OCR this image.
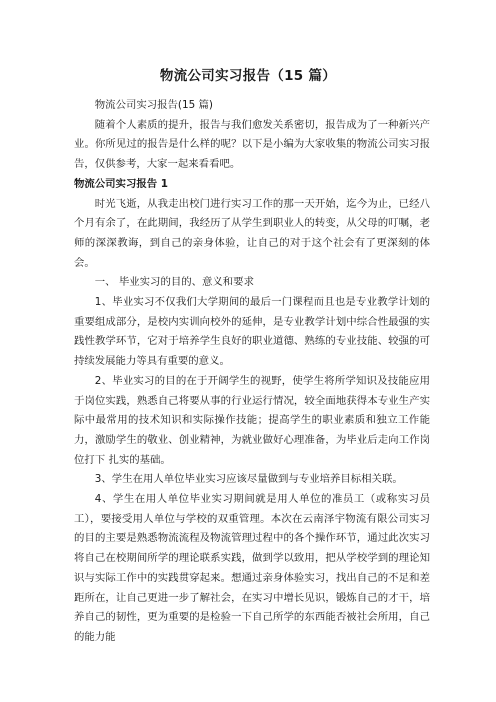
物流公司实习报告（15 篇）

物流公司实习报告(15 篇)

随着个人素质的提升，报告与我们愈发关系密切，报告成为了一种新兴产业。你所见过的报告是什么样的呢？以下是小编为大家收集的物流公司实习报告，仅供参考，大家一起来看看吧。

物流公司实习报告 1

时光飞逝，从我走出校门进行实习工作的那一天开始，迄今为止，已经八个月有余了，在此期间，我经历了从学生到职业人的转变，从父母的叮嘱，老师的深深教诲，到自己的亲身体验，让自己的对于这个社会有了更深刻的体会。

一、 毕业实习的目的、意义和要求

1、毕业实习不仅我们大学期间的最后一门课程而且也是专业教学计划的重要组成部分，是校内实训向校外的延伸，是专业教学计划中综合性最强的实践性教学环节，它对于培养学生良好的职业道德、熟练的专业技能、较强的可持续发展能力等具有重要的意义。

2、毕业实习的目的在于开阔学生的视野，使学生将所学知识及技能应用于岗位实践，熟悉自己将要从事的行业运行情况，较全面地获得本专业生产实际中最常用的技术知识和实际操作技能；提高学生的职业素质和独立工作能力，激励学生的敬业、创业精神，为就业做好心理准备，为毕业后走向工作岗位打下 扎实的基础。

3、学生在用人单位毕业实习应该尽量做到与专业培养目标相关联。

4、学生在用人单位毕业实习期间就是用人单位的准员工（或称实习员工），要接受用人单位与学校的双重管理。本次在云南泽宇物流有限公司实习的目的主要是熟悉物流流程及物流管理过程中的各个操作环节，通过此次实习将自己在校期间所学的理论联系实践，做到学以致用，把从学校学到的理论知识与实际工作中的实践贯穿起来。想通过亲身体验实习，找出自己的不足和差距所在，让自己更进一步了解社会，在实习中增长见识，锻炼自己的才干，培养自己的韧性，更为重要的是检验一下自己所学的东西能否被社会所用，自己的能力能
